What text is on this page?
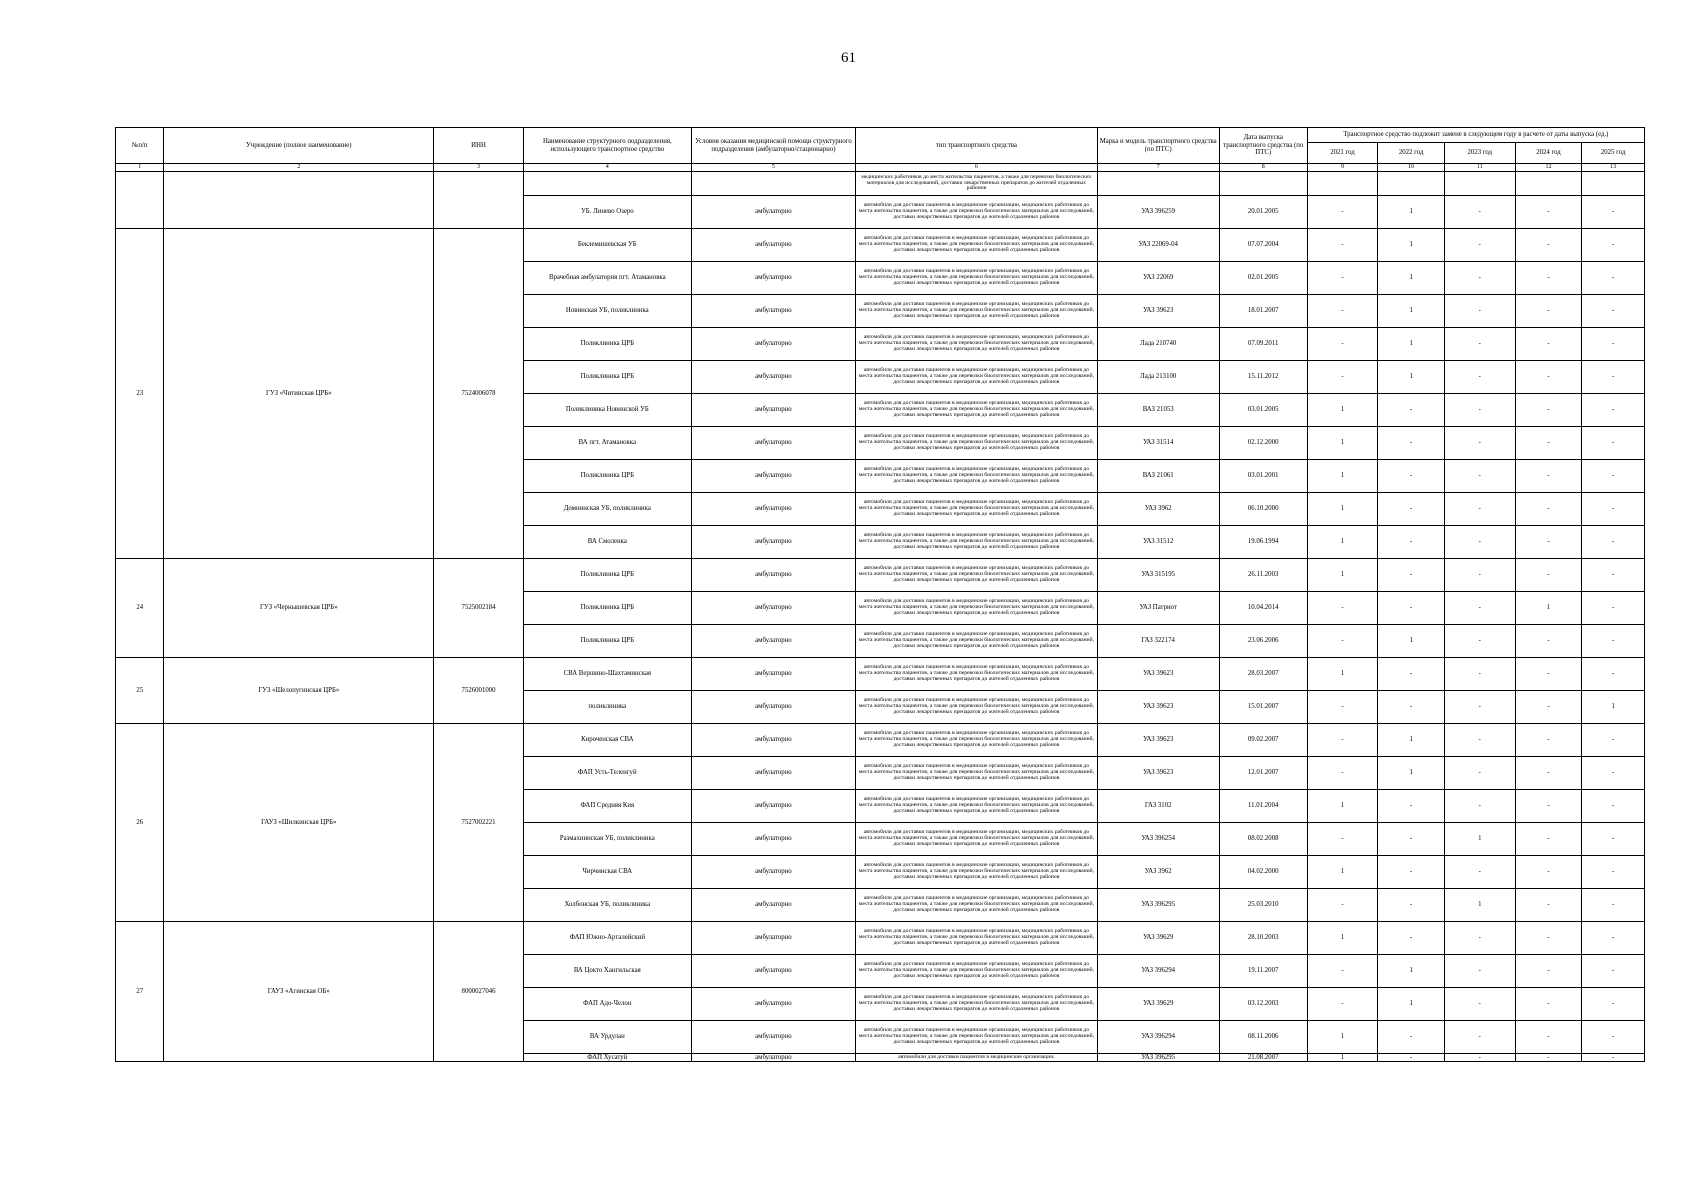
61
№п/п	Учреждение (полное наименование)	ИНН	Наименование структурного подразделения, использующего транспортное средство	Условия оказания медицинской помощи структурного подразделения (амбулаторно/стационарно)	тип транспортного средства	Марка и модель транспортного средства (по ПТС)	Дата выпуска транспортного средства (по ПТС)	Транспортное средство подлежит замене в следующем году в расчете от даты выпуска (ед.)				
								2021 год	2022 год	2023 год	2024 год	2025 год
1	2	3	4	5	6	7	8	9	10	11	12	13
					медицинских работников до места жительства пациентов, а также для перевозки биологических материалов для исследований, доставки лекарственных препаратов до жителей отдаленных районов							
			УБ. Линево Озеро	амбулаторно	автомобили для доставки пациентов в медицинские организации, медицинских работников до места жительства пациентов, а также для перевозки биологических материалов для исследований, доставки лекарственных препаратов до жителей отдаленных районов	УАЗ 396259	20.01.2005	-	1	-	-	-
23	ГУЗ «Читинская ЦРБ»	7524006078	Беклемишевская УБ	амбулаторно	автомобили для доставки пациентов в медицинские организации, медицинских работников до места жительства пациентов, а также для перевозки биологических материалов для исследований, доставки лекарственных препаратов до жителей отдаленных районов	УАЗ 22069-04	07.07.2004	-	1	-	-	-
			Врачебная амбулатория пгт. Атамановка	амбулаторно	автомобили для доставки пациентов в медицинские организации, медицинских работников до места жительства пациентов, а также для перевозки биологических материалов для исследований, доставки лекарственных препаратов до жителей отдаленных районов	УАЗ 22069	02.01.2005	-	1	-	-	-
			Новинская УБ, поликлиника	амбулаторно	автомобили для доставки пациентов в медицинские организации, медицинских работников до места жительства пациентов, а также для перевозки биологических материалов для исследований, доставки лекарственных препаратов до жителей отдаленных районов	УАЗ 39623	18.01.2007	-	1	-	-	-
			Поликлиника ЦРБ	амбулаторно	автомобили для доставки пациентов в медицинские организации, медицинских работников до места жительства пациентов, а также для перевозки биологических материалов для исследований, доставки лекарственных препаратов до жителей отдаленных районов	Лада 210740	07.09.2011	-	1	-	-	-
			Поликлиника ЦРБ	амбулаторно	автомобили для доставки пациентов в медицинские организации, медицинских работников до места жительства пациентов, а также для перевозки биологических материалов для исследований, доставки лекарственных препаратов до жителей отдаленных районов	Лада 213100	15.11.2012	-	1	-	-	-
			Поликлиника Новинской УБ	амбулаторно	автомобили для доставки пациентов в медицинские организации, медицинских работников до места жительства пациентов, а также для перевозки биологических материалов для исследований, доставки лекарственных препаратов до жителей отдаленных районов	ВАЗ 21053	03.01.2005	1	-	-	-	-
			ВА пгт. Атамановка	амбулаторно	автомобили для доставки пациентов в медицинские организации, медицинских работников до места жительства пациентов, а также для перевозки биологических материалов для исследований, доставки лекарственных препаратов до жителей отдаленных районов	УАЗ 31514	02.12.2000	1	-	-	-	-
			Поликлиника ЦРБ	амбулаторно	автомобили для доставки пациентов в медицинские организации, медицинских работников до места жительства пациентов, а также для перевозки биологических материалов для исследований, доставки лекарственных препаратов до жителей отдаленных районов	ВАЗ 21061	03.01.2001	1	-	-	-	-
			Домнинская УБ, поликлиника	амбулаторно	автомобили для доставки пациентов в медицинские организации, медицинских работников до места жительства пациентов, а также для перевозки биологических материалов для исследований, доставки лекарственных препаратов до жителей отдаленных районов	УАЗ 3962	06.10.2000	1	-	-	-	-
			ВА Смоленка	амбулаторно	автомобили для доставки пациентов в медицинские организации, медицинских работников до места жительства пациентов, а также для перевозки биологических материалов для исследований, доставки лекарственных препаратов до жителей отдаленных районов	УАЗ 31512	19.06.1994	1	-	-	-	-
24	ГУЗ «Чернышевская ЦРБ»	7525002184	Поликлиника ЦРБ	амбулаторно	автомобили для доставки пациентов в медицинские организации, медицинских работников до места жительства пациентов, а также для перевозки биологических материалов для исследований, доставки лекарственных препаратов до жителей отдаленных районов	УАЗ 315195	26.11.2003	1	-	-	-	-
			Поликлиника ЦРБ	амбулаторно	автомобили для доставки пациентов в медицинские организации, медицинских работников до места жительства пациентов, а также для перевозки биологических материалов для исследований, доставки лекарственных препаратов до жителей отдаленных районов	УАЗ Патриот	10.04.2014	-	-	-	1	-
			Поликлиника ЦРБ	амбулаторно	автомобили для доставки пациентов в медицинские организации, медицинских работников до места жительства пациентов, а также для перевозки биологических материалов для исследований, доставки лекарственных препаратов до жителей отдаленных районов	ГАЗ 322174	23.06.2006	-	1	-	-	-
25	ГУЗ «Шелопугинская ЦРБ»	7526001000	СВА Вершино-Шахтаминская	амбулаторно	автомобили для доставки пациентов в медицинские организации, медицинских работников до места жительства пациентов, а также для перевозки биологических материалов для исследований, доставки лекарственных препаратов до жителей отдаленных районов	УАЗ 39623	28.03.2007	1	-	-	-	-
			поликлиника	амбулаторно	автомобили для доставки пациентов в медицинские организации, медицинских работников до места жительства пациентов, а также для перевозки биологических материалов для исследований, доставки лекарственных препаратов до жителей отдаленных районов	УАЗ 39623	15.01.2007	-	-	-	-	1
26	ГАУЗ «Шилкинская ЦРБ»	7527002221	Кироченская СВА	амбулаторно	автомобили для доставки пациентов в медицинские организации, медицинских работников до места жительства пациентов, а также для перевозки биологических материалов для исследований, доставки лекарственных препаратов до жителей отдаленных районов	УАЗ 39623	09.02.2007	-	1	-	-	-
			ФАП Усть-Теленгуй	амбулаторно	автомобили для доставки пациентов в медицинские организации, медицинских работников до места жительства пациентов, а также для перевозки биологических материалов для исследований, доставки лекарственных препаратов до жителей отдаленных районов	УАЗ 39623	12.01.2007	-	1	-	-	-
			ФАП Средняя Кия	амбулаторно	автомобили для доставки пациентов в медицинские организации, медицинских работников до места жительства пациентов, а также для перевозки биологических материалов для исследований, доставки лекарственных препаратов до жителей отдаленных районов	ГАЗ 3102	11.01.2004	1	-	-	-	-
			Размахнинская УБ, поликлиника	амбулаторно	автомобили для доставки пациентов в медицинские организации, медицинских работников до места жительства пациентов, а также для перевозки биологических материалов для исследований, доставки лекарственных препаратов до жителей отдаленных районов	УАЗ 396254	08.02.2008	-	-	1	-	-
			Чирчинская СВА	амбулаторно	автомобили для доставки пациентов в медицинские организации, медицинских работников до места жительства пациентов, а также для перевозки биологических материалов для исследований, доставки лекарственных препаратов до жителей отдаленных районов	УАЗ 3962	04.02.2000	1	-	-	-	-
			Холбонская УБ, поликлиника	амбулаторно	автомобили для доставки пациентов в медицинские организации, медицинских работников до места жительства пациентов, а также для перевозки биологических материалов для исследований, доставки лекарственных препаратов до жителей отдаленных районов	УАЗ 396295	25.03.2010	-	-	1	-	-
27	ГАУЗ «Агинская ОБ»	8000027046	ФАП Южно-Аргалейский	амбулаторно	автомобили для доставки пациентов в медицинские организации, медицинских работников до места жительства пациентов, а также для перевозки биологических материалов для исследований, доставки лекарственных препаратов до жителей отдаленных районов	УАЗ 39629	28.10.2003	1	-	-	-	-
			ВА Цокто Хангильская	амбулаторно	автомобили для доставки пациентов в медицинские организации, медицинских работников до места жительства пациентов, а также для перевозки биологических материалов для исследований, доставки лекарственных препаратов до жителей отдаленных районов	УАЗ 396294	19.11.2007	-	1	-	-	-
			ФАП Адо-Челон	амбулаторно	автомобили для доставки пациентов в медицинские организации, медицинских работников до места жительства пациентов, а также для перевозки биологических материалов для исследований, доставки лекарственных препаратов до жителей отдаленных районов	УАЗ 39629	03.12.2003	-	1	-	-	-
			ВА Урдулан	амбулаторно	автомобили для доставки пациентов в медицинские организации, медицинских работников до места жительства пациентов, а также для перевозки биологических материалов для исследований, доставки лекарственных препаратов до жителей отдаленных районов	УАЗ 396294	08.11.2006	1	-	-	-	-
			ФАП Хусатуй	амбулаторно	автомобили для доставки пациентов в медицинские организации,	УАЗ 396295	21.08.2007	1	-	-	-	-
